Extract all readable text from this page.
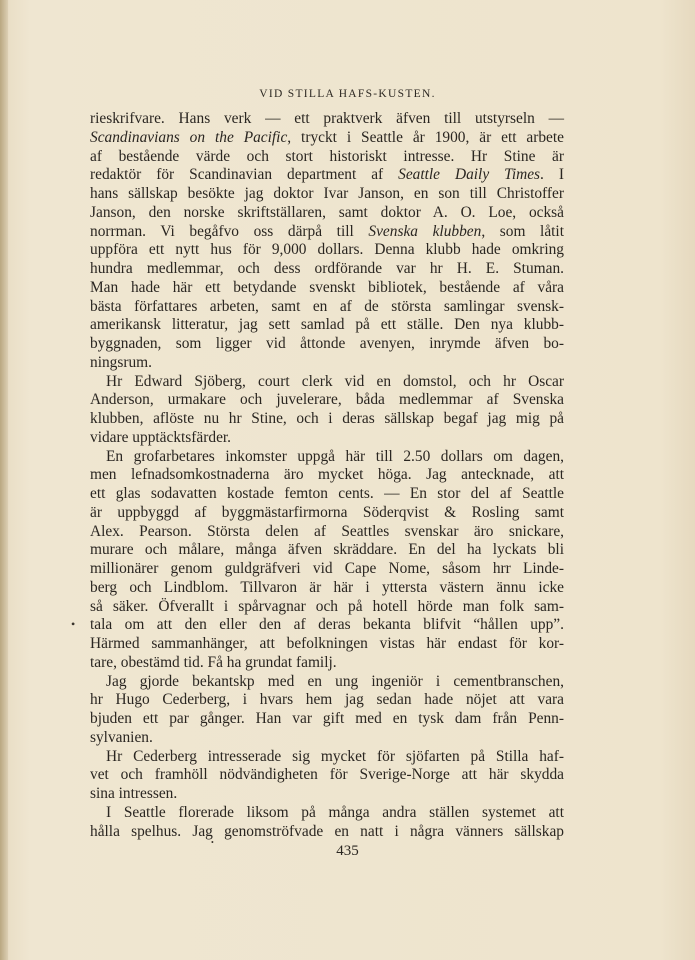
VID STILLA HAFS-KUSTEN.
rieskrifvare. Hans verk — ett praktverk äfven till utstyrseln —
Scandinavians on the Pacific, tryckt i Seattle år 1900, är ett arbete
af bestående värde och stort historiskt intresse. Hr Stine är
redaktör för Scandinavian department af Seattle Daily Times. I
hans sällskap besökte jag doktor Ivar Janson, en son till Christoffer
Janson, den norske skriftställaren, samt doktor A. O. Loe, också
norrman. Vi begåfvo oss därpå till Svenska klubben, som låtit
uppföra ett nytt hus för 9,000 dollars. Denna klubb hade omkring
hundra medlemmar, och dess ordförande var hr H. E. Stuman.
Man hade här ett betydande svenskt bibliotek, bestående af våra
bästa författares arbeten, samt en af de största samlingar svensk-
amerikansk litteratur, jag sett samlad på ett ställe. Den nya klubb-
byggnaden, som ligger vid åttonde avenyen, inrymde äfven bo-
ningsrum.
Hr Edward Sjöberg, court clerk vid en domstol, och hr Oscar
Anderson, urmakare och juvelerare, båda medlemmar af Svenska
klubben, aflöste nu hr Stine, och i deras sällskap begaf jag mig på
vidare upptäcktsfärder.
En grofarbetares inkomster uppgå här till 2.50 dollars om dagen,
men lefnadsomkostnaderna äro mycket höga. Jag antecknade, att
ett glas sodavatten kostade femton cents. — En stor del af Seattle
är uppbyggd af byggmästarfirmorna Söderqvist & Rosling samt
Alex. Pearson. Största delen af Seattles svenskar äro snickare,
murare och målare, många äfven skräddare. En del ha lyckats bli
millionärer genom guldgräfveri vid Cape Nome, såsom hrr Linde-
berg och Lindblom. Tillvaron är här i yttersta västern ännu icke
så säker. Öfverallt i spårvagnar och på hotell hörde man folk sam-
tala om att den eller den af deras bekanta blifvit “hållen upp”.
Härmed sammanhänger, att befolkningen vistas här endast för kor-
tare, obestämd tid. Få ha grundat familj.
Jag gjorde bekantskp med en ung ingeniör i cementbranschen,
hr Hugo Cederberg, i hvars hem jag sedan hade nöjet att vara
bjuden ett par gånger. Han var gift med en tysk dam från Penn-
sylvanien.
Hr Cederberg intresserade sig mycket för sjöfarten på Stilla haf-
vet och framhöll nödvändigheten för Sverige-Norge att här skydda
sina intressen.
I Seattle florerade liksom på många andra ställen systemet att
hålla spelhus. Jag genomströfvade en natt i några vänners sällskap
435
•
•
